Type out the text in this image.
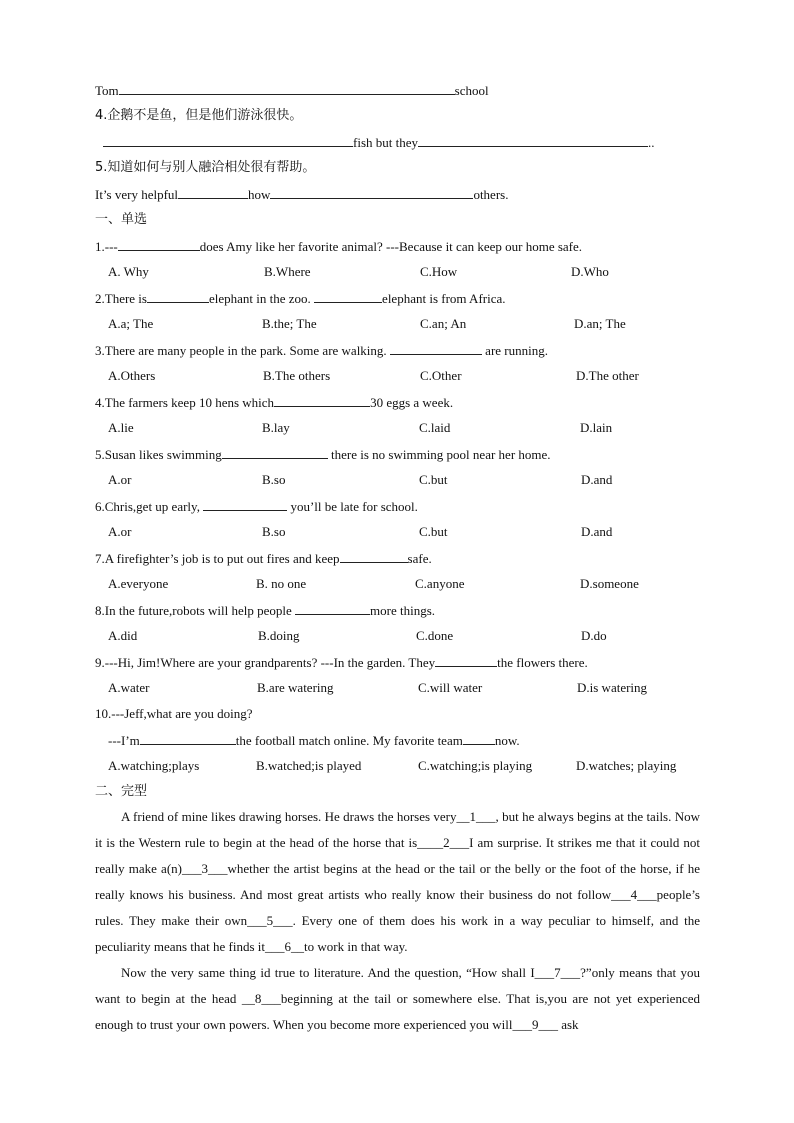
Tom	school
4.企鹅不是鱼，但是他们游泳很快。
fish but they	..
5.知道如何与别人融洽相处很有帮助。
It’s very helpful	how	others.
一、单选
1.---	does Amy like her favorite animal? ---Because it can keep our home safe.
A. Why	B.Where	C.How	D.Who
2.There is	elephant in the zoo.	elephant is from Africa.
A.a; The	B.the; The	C.an; An	D.an; The
3.There are many people in the park. Some are walking.	are running.
A.Others	B.The others	C.Other	D.The other
4.The farmers keep 10 hens which	30 eggs a week.
A.lie	B.lay	C.laid	D.lain
5.Susan likes swimming	there is no swimming pool near her home.
A.or	B.so	C.but	D.and
6.Chris,get up early,	you’ll be late for school.
A.or	B.so	C.but	D.and
7.A firefighter’s job is to put out fires and keep	safe.
A.everyone	B. no one	C.anyone	D.someone
8.In the future,robots will help people	more things.
A.did	B.doing	C.done	D.do
9.---Hi, Jim!Where are your grandparents? ---In the garden. They	the flowers there.
A.water	B.are watering	C.will water	D.is watering
10.---Jeff,what are you doing?
---I’m	the football match online. My favorite team now.
A.watching;plays	B.watched;is played	C.watching;is playing	D.watches; playing
二、完型
A friend of mine likes drawing horses. He draws the horses very__1___, but he always begins at the tails. Now it is the Western rule to begin at the head of the horse that is____2___I am surprise. It strikes me that it could not really make a(n)___3___whether the artist begins at the head or the tail or the belly or the foot of the horse, if he really knows his business. And most great artists who really know their business do not follow___4___people’s rules. They make their own___5___. Every one of them does his work in a way peculiar to himself, and the peculiarity means that he finds it___6__to work in that way.
Now the very same thing id true to literature. And the question, “How shall I___7___?”only means that you want to begin at the head __8___beginning at the tail or somewhere else. That is,you are not yet experienced enough to trust your own powers. When you become more experienced you will___9___ ask
